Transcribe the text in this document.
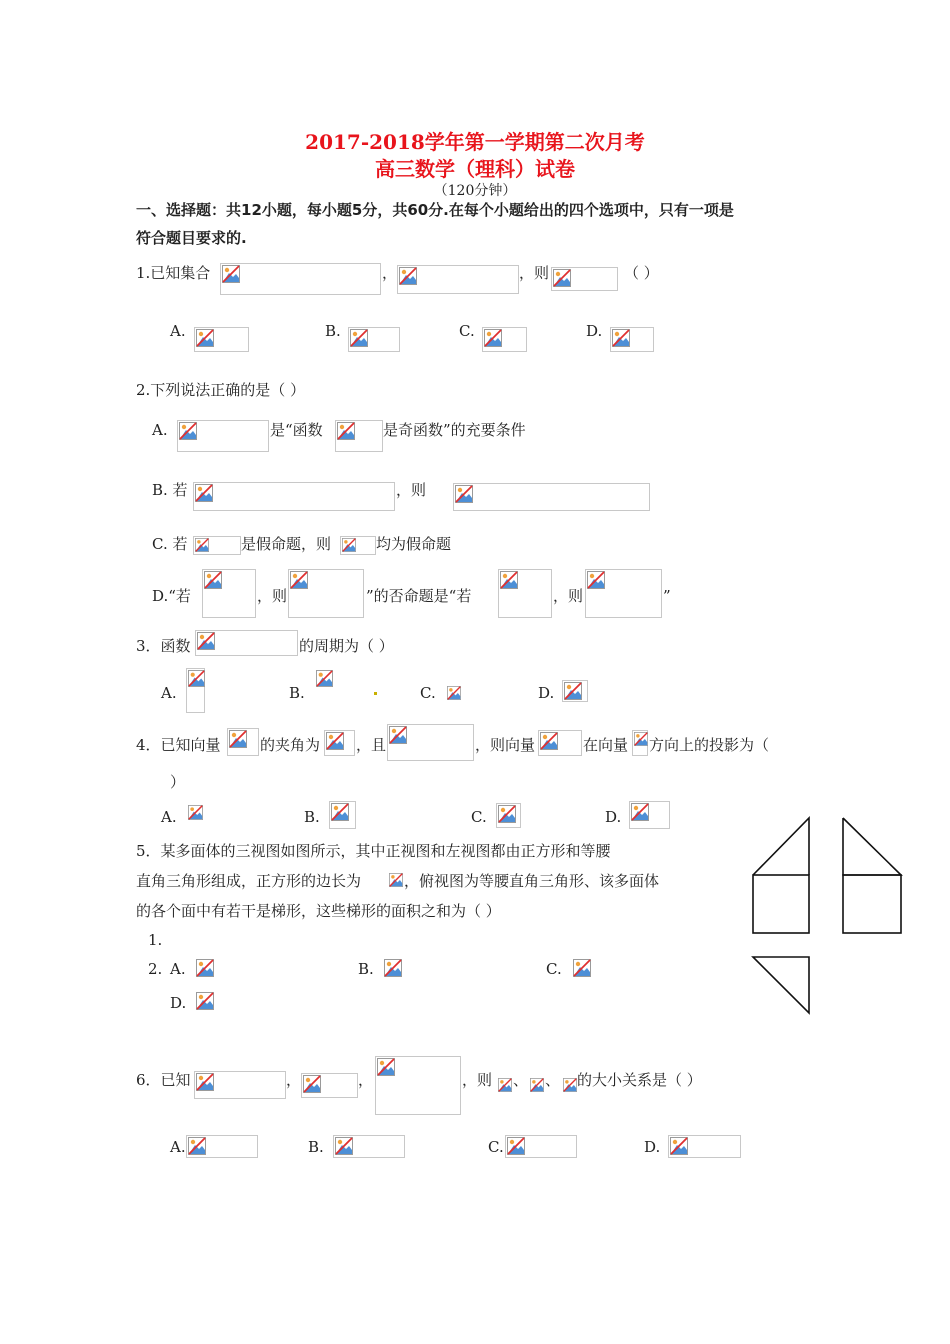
2017-2018学年第一学期第二次月考
高三数学（理科）试卷
（120分钟）
一、选择题：共12小题，每小题5分，共60分.在每个小题给出的四个选项中，只有一项是
符合题目要求的.
1.已知集合	，	，则	（ ）
A.	B.	C.	D.
2.下列说法正确的是（ ）
A.	是“函数	是奇函数”的充要条件
B. 若	，则
C. 若	是假命题，则	均为假命题
D.“若	，则	”的否命题是“若	，则	”
3．函数	的周期为（ ）
A.	B.	C.	D.
4．已知向量	的夹角为 ，且	，则向量	在向量 方向上的投影为（
）
A.	B.	C.	D.
5．某多面体的三视图如图所示，其中正视图和左视图都由正方形和等腰
直角三角形组成，正方形的边长为	，俯视图为等腰直角三角形、该多面体
的各个面中有若干是梯形，这些梯形的面积之和为（ ）
1.
2. A.	B.	C.
D.
6．已知	，	，	，则 、 、 的大小关系是（ ）
A.	B.	C.	D.
